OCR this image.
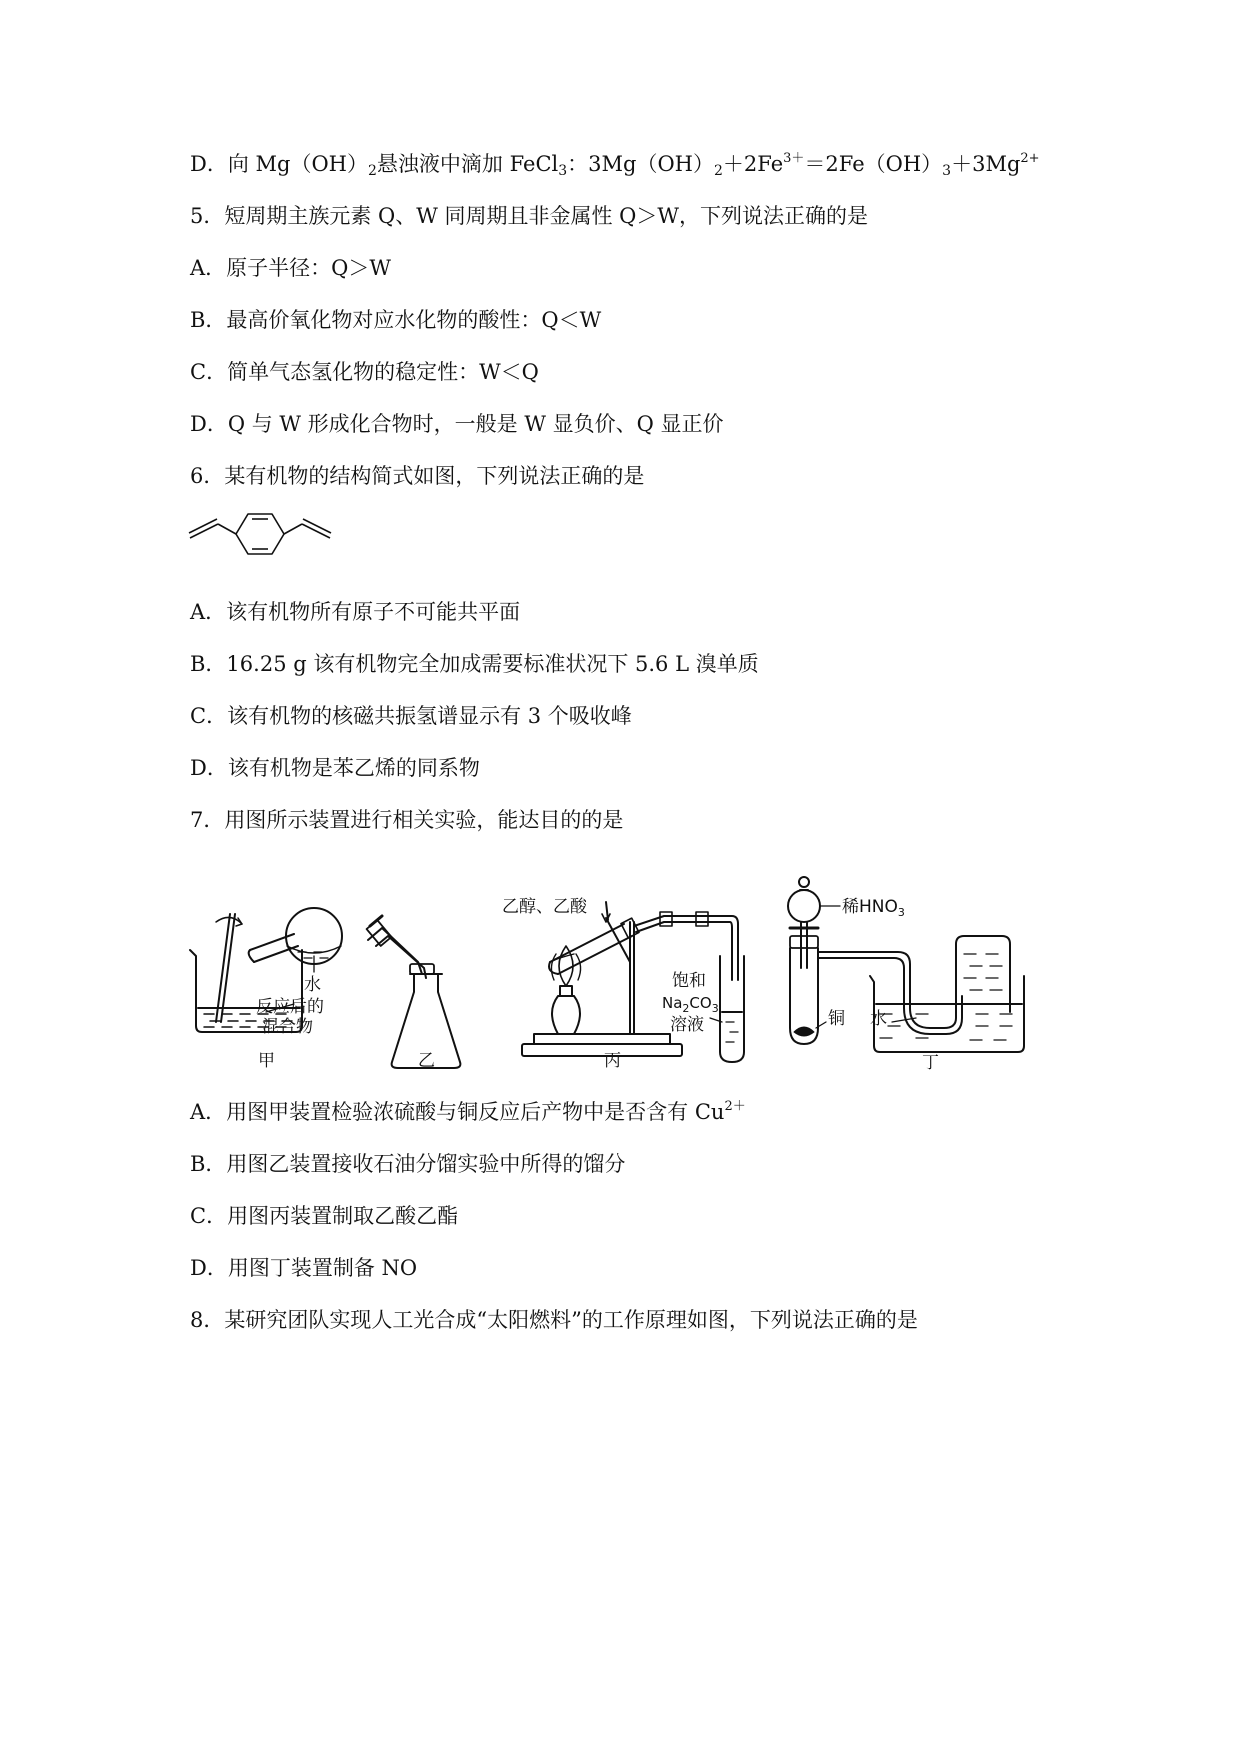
D．向 $Mg(OH)_2$悬浊液中滴加 FeCl$_3$：$3Mg(OH)_2+2Fe^{3+}=2Fe(OH)_3+3Mg^{2+}$
5．短周期主族元素 Q、W 同周期且非金属性 Q＞W，下列说法正确的是
A．原子半径：Q＞W
B．最高价氧化物对应水化物的酸性：Q＜W
C．简单气态氢化物的稳定性：W＜Q
D．Q 与 W 形成化合物时，一般是 W 显负价、Q 显正价
6．某有机物的结构简式如图，下列说法正确的是
A．该有机物所有原子不可能共平面
B．16.25 g 该有机物完全加成需要标准状况下 5.6 L 溴单质
C．该有机物的核磁共振氢谱显示有 3 个吸收峰
D．该有机物是苯乙烯的同系物
7．用图所示装置进行相关实验，能达目的的是
水
反应后的
混合物
甲	乙
乙醇、乙酸
饱和
$Na_2CO_3$
溶液
丙
稀$HNO_3$
铜 水
丁
A．用图甲装置检验浓硫酸与铜反应后产物中是否含有 $Cu^{2+}$
B．用图乙装置接收石油分馏实验中所得的馏分
C．用图丙装置制取乙酸乙酯
D．用图丁装置制备 NO
8．某研究团队实现人工光合成“太阳燃料”的工作原理如图，下列说法正确的是
